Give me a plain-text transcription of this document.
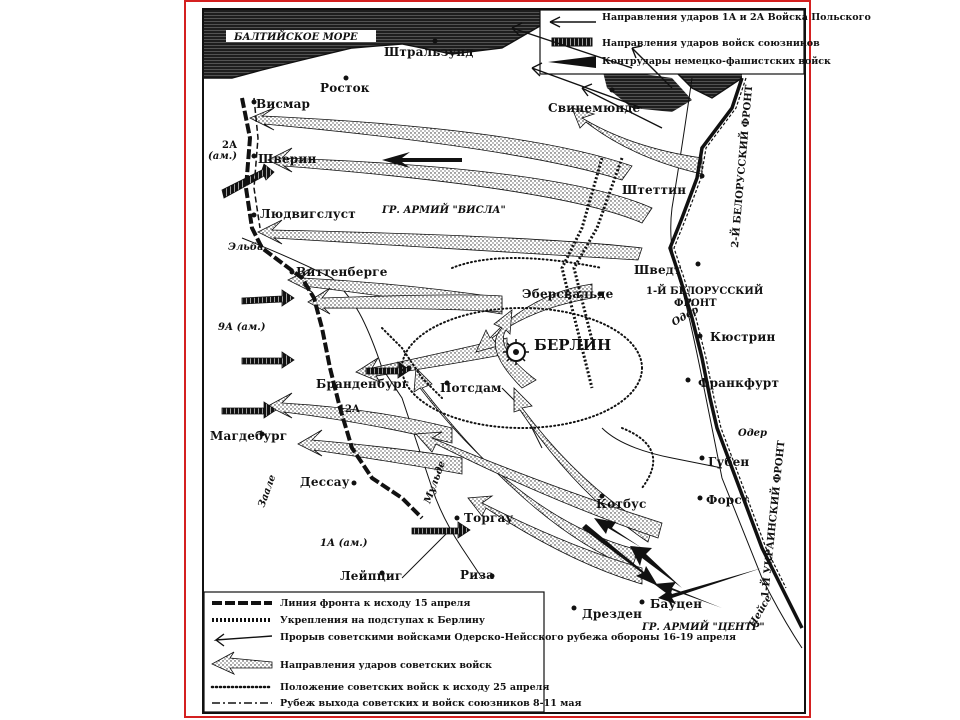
БАЛТИЙСКОЕ МОРЕ
Направления ударов 1А и 2А Войска Польского
Направления ударов войск союзников
Контрудары немецко-фашистских войск
Штральзунд
Росток
Свинемюнде
Висмар
Шверин
Штеттин
Людвигслуст
Шведт
Виттенберге
Эберсвальде
Кюстрин
БЕРЛИН
Бранденбург	Потсдам	Франкфурт
Магдебург
Губен
Форст
Дессау
Котбус
Торгау
Риза
Лейпциг
Дрезден
Бауцен
2А
(ам.)
9А (ам.)
12А
1А (ам.)
ГР. АРМИЙ "ВИСЛА"
ГР. АРМИЙ "ЦЕНТР"
2-Й БЕЛОРУССКИЙ ФРОНТ
1-Й БЕЛОРУССКИЙ
ФРОНТ
1-Й УКРАИНСКИЙ ФРОНТ
Эльба
Одер
Одер
Нейсе
Заале	Мульде
Линия фронта к исходу 15 апреля
Укрепления на подступах к Берлину
Прорыв советскими войсками Одерско-Нейсского рубежа обороны 16-19 апреля
Направления ударов советских войск
Положение советских войск к исходу 25 апреля
Рубеж выхода советских и войск союзников 8-11 мая
